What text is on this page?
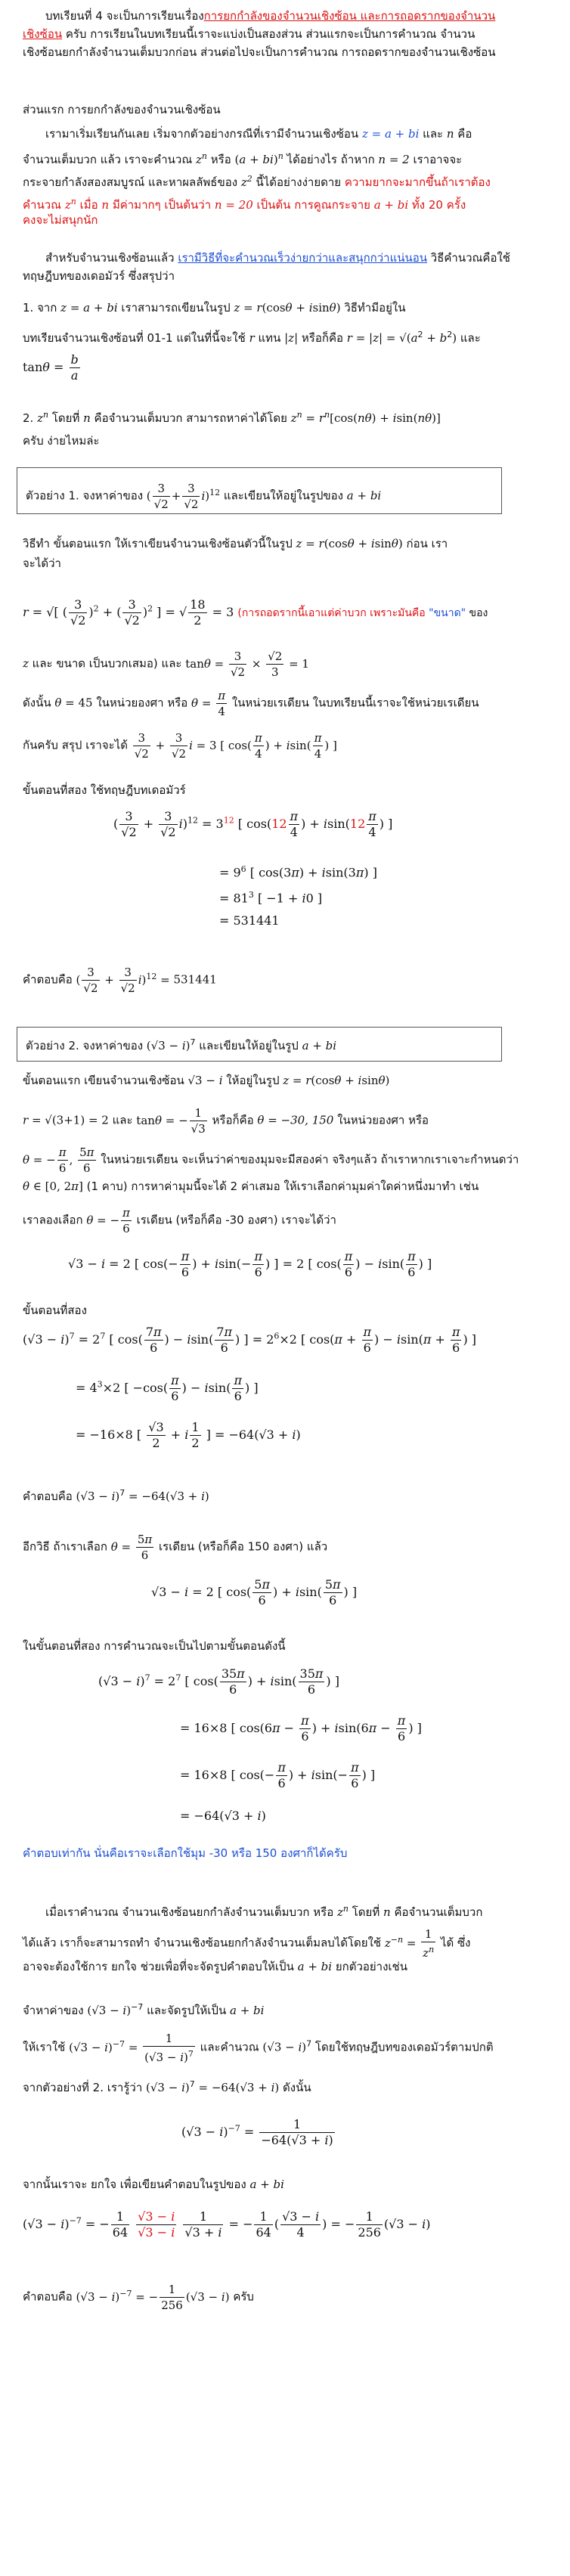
บทเรียนที่ 4 จะเป็นการเรียนเรื่องการยกกำลังของจำนวนเชิงซ้อน และการถอดรากของจำนวน
เชิงซ้อน ครับ การเรียนในบทเรียนนี้เราจะแบ่งเป็นสองส่วน ส่วนแรกจะเป็นการคำนวณ จำนวน
เชิงซ้อนยกกำลังจำนวนเต็มบวกก่อน ส่วนต่อไปจะเป็นการคำนวณ การถอดรากของจำนวนเชิงซ้อน
ส่วนแรก การยกกำลังของจำนวนเชิงซ้อน
เรามาเริ่มเรียนกันเลย เริ่มจากตัวอย่างกรณีที่เรามีจำนวนเชิงซ้อน z = a + bi และ n คือ
จำนวนเต็มบวก แล้ว เราจะคำนวณ $z^n$ หรือ (a + bi)$^n$ ได้อย่างไร ถ้าหาก n = 2 เราอาจจะ
กระจายกำลังสองสมบูรณ์ และหาผลลัพธ์ของ $z^2$ นี้ได้อย่างง่ายดาย ความยากจะมากขึ้นถ้าเราต้อง
คำนวณ $z^n$ เมื่อ n มีค่ามากๆ เป็นต้นว่า n = 20 เป็นต้น การคูณกระจาย a + bi ทั้ง 20 ครั้ง
คงจะไม่สนุกนัก
สำหรับจำนวนเชิงซ้อนแล้ว เรามีวิธีที่จะคำนวณเร็วง่ายกว่าและสนุกกว่าแน่นอน วิธีคำนวณคือใช้
ทฤษฎีบทของเดอมัวร์ ซึ่งสรุปว่า
1. จาก z = a + bi เราสามารถเขียนในรูป z = r(cosθ + isinθ) วิธีทำมีอยู่ใน
บทเรียนจำนวนเชิงซ้อนที่ 01-1 แต่ในที่นี้จะใช้ r แทน |z| หรือก็คือ $r = |z| = √(a^2 + b^2)$ และ
$\tan\theta = \frac{b}{a}$
2. $z^n$ โดยที่ n คือจำนวนเต็มบวก สามารถหาค่าได้โดย $z^n = r^n[\cos(n\theta) + isin(n\theta)]$
ครับ ง่ายไหมล่ะ
ตัวอย่าง 1. จงหาค่าของ ( $\frac{3}{√2} + \frac{3}{√2} i)^{12}$ และเขียนให้อยู่ในรูปของ a + bi
วิธีทำ ขั้นตอนแรก ให้เราเขียนจำนวนเชิงซ้อนตัวนี้ในรูป z = r(cosθ + isinθ) ก่อน เรา
จะได้ว่า
r = √[ ( $\frac{3}{√2} )^2$ + ( $\frac{3}{√2} )^2$ ] = √ $\frac{18}{2} = 3$ (การถอดรากนี้เอาแต่ค่าบวก เพราะมันคือ "ขนาด" ของ
z และ ขนาด เป็นบวกเสมอ) และ $\tan\theta = \frac{3}{√2} \times \frac{√2}{3} = 1$
ดังนั้น θ = 45 ในหน่วยองศา หรือ $\theta = \frac{\pi}{4}$ ในหน่วยเรเดียน ในบทเรียนนี้เราจะใช้หน่วยเรเดียน
กันครับ สรุป เราจะได้ $\frac{3}{√2} + \frac{3}{√2}$ i = 3 [ $\cos( \frac{\pi}{4}$ ) + $isin( \frac{\pi}{4}$ ) ]
ขั้นตอนที่สอง ใช้ทฤษฎีบทเดอมัวร์
( $\frac{3}{√2} + \frac{3}{√2} i)^{12} = 3^{12}$ [ $\cos(12 \frac{\pi}{4}$ ) + $isin(12 \frac{\pi}{4}$ ) ]
= $9^6$ [ cos(3π) + isin(3π) ]
= $81^3$ [ −1 + i0 ]
= 531441
คำตอบคือ ( $\frac{3}{√2} + \frac{3}{√2} i)^{12} = 531441$
ตัวอย่าง 2. จงหาค่าของ $(√3 - i)^7$ และเขียนให้อยู่ในรูป a + bi
ขั้นตอนแรก เขียนจำนวนเชิงซ้อน √3 − i ให้อยู่ในรูป z = r(cosθ + isinθ)
r = √(3+1) = 2 และ tanθ = − $\frac{1}{√3}$ หรือก็คือ θ = −30, 150 ในหน่วยองศา หรือ
θ = − $\frac{\pi}{6}$ , $\frac{5\pi}{6}$ ในหน่วยเรเดียน จะเห็นว่าค่าของมุมจะมีสองค่า จริงๆแล้ว ถ้าเราหากเราเจาะกำหนดว่า
θ ∈ [0, 2π] (1 คาบ) การหาค่ามุมนี้จะได้ 2 ค่าเสมอ ให้เราเลือกค่ามุมค่าใดค่าหนึ่งมาทำ เช่น
เราลองเลือก θ = − $\frac{\pi}{6}$ เรเดียน (หรือก็คือ -30 องศา) เราจะได้ว่า
√3 − i = 2 [ $\cos(- \frac{\pi}{6}$ ) + $isin(- \frac{\pi}{6}$ ) ] = 2 [ $\cos( \frac{\pi}{6}$ ) − $isin( \frac{\pi}{6}$ ) ]
ขั้นตอนที่สอง
$(√3 - i)^7 = 2^7$ [ $\cos( \frac{7\pi}{6}$ ) − $isin( \frac{7\pi}{6}$ ) ] = $2^6\times 2$ [ $\cos(\pi + \frac{\pi}{6}$ ) − $isin(\pi + \frac{\pi}{6}$ ) ]
= $4^3\times 2$ [ $-\cos( \frac{\pi}{6}$ ) − $isin( \frac{\pi}{6}$ ) ]
= −16×8 [ $\frac{√3}{2} + i \frac{1}{2}$ ] = −64(√3 + i)
คำตอบคือ $(√3 - i)^7 = -64(√3 + i)$
อีกวิธี ถ้าเราเลือก $\theta = \frac{5\pi}{6}$ เรเดียน (หรือก็คือ 150 องศา) แล้ว
√3 − i = 2 [ $\cos( \frac{5\pi}{6}$ ) + $isin( \frac{5\pi}{6}$ ) ]
ในขั้นตอนที่สอง การคำนวณจะเป็นไปตามขั้นตอนดังนี้
$(√3 - i)^7 = 2^7$ [ $\cos( \frac{35\pi}{6}$ ) + $isin( \frac{35\pi}{6}$ ) ]
= 16×8 [ $\cos(6\pi - \frac{\pi}{6}$ ) + $isin(6\pi - \frac{\pi}{6}$ ) ]
= 16×8 [ $\cos(- \frac{\pi}{6}$ ) + $isin(- \frac{\pi}{6}$ ) ]
= −64(√3 + i)
คำตอบเท่ากัน นั่นคือเราจะเลือกใช้มุม -30 หรือ 150 องศาก็ได้ครับ
เมื่อเราคำนวณ จำนวนเชิงซ้อนยกกำลังจำนวนเต็มบวก หรือ $z^n$ โดยที่ n คือจำนวนเต็มบวก
ได้แล้ว เราก็จะสามารถทำ จำนวนเชิงซ้อนยกกำลังจำนวนเต็มลบได้โดยใช้ $z^{-n} = \frac{1}{z^n}$ ได้ ซึ่ง
อาจจะต้องใช้การ ยกใจ ช่วยเพื่อที่จะจัดรูปคำตอบให้เป็น a + bi ยกตัวอย่างเช่น
จำหาค่าของ $(√3 - i)^{-7}$ และจัดรูปให้เป็น a + bi
ให้เราใช้ $(√3 - i)^{-7} = \frac{1}{(√3 - i)^7}$ และคำนวณ $(√3 - i)^7$ โดยใช้ทฤษฎีบทของเดอมัวร์ตามปกติ
จากตัวอย่างที่ 2. เรารู้ว่า $(√3 - i)^7 = -64(√3 + i)$ ดังนั้น
$(√3 - i)^{-7} = \frac{1}{-64(√3 + i)}$
จากนั้นเราจะ ยกใจ เพื่อเขียนคำตอบในรูปของ a + bi
$(√3 - i)^{-7}$ = − $\frac{1}{64}$
$\frac{√3 - i}{√3 - i}$
$\frac{1}{√3 + i}$ = − $\frac{1}{64}$ ( $\frac{√3 - i}{4}$ ) = − $\frac{1}{256} (√3 - i)$
คำตอบคือ $(√3 - i)^{-7}$ = − $\frac{1}{256} (√3 - i)$ ครับ
